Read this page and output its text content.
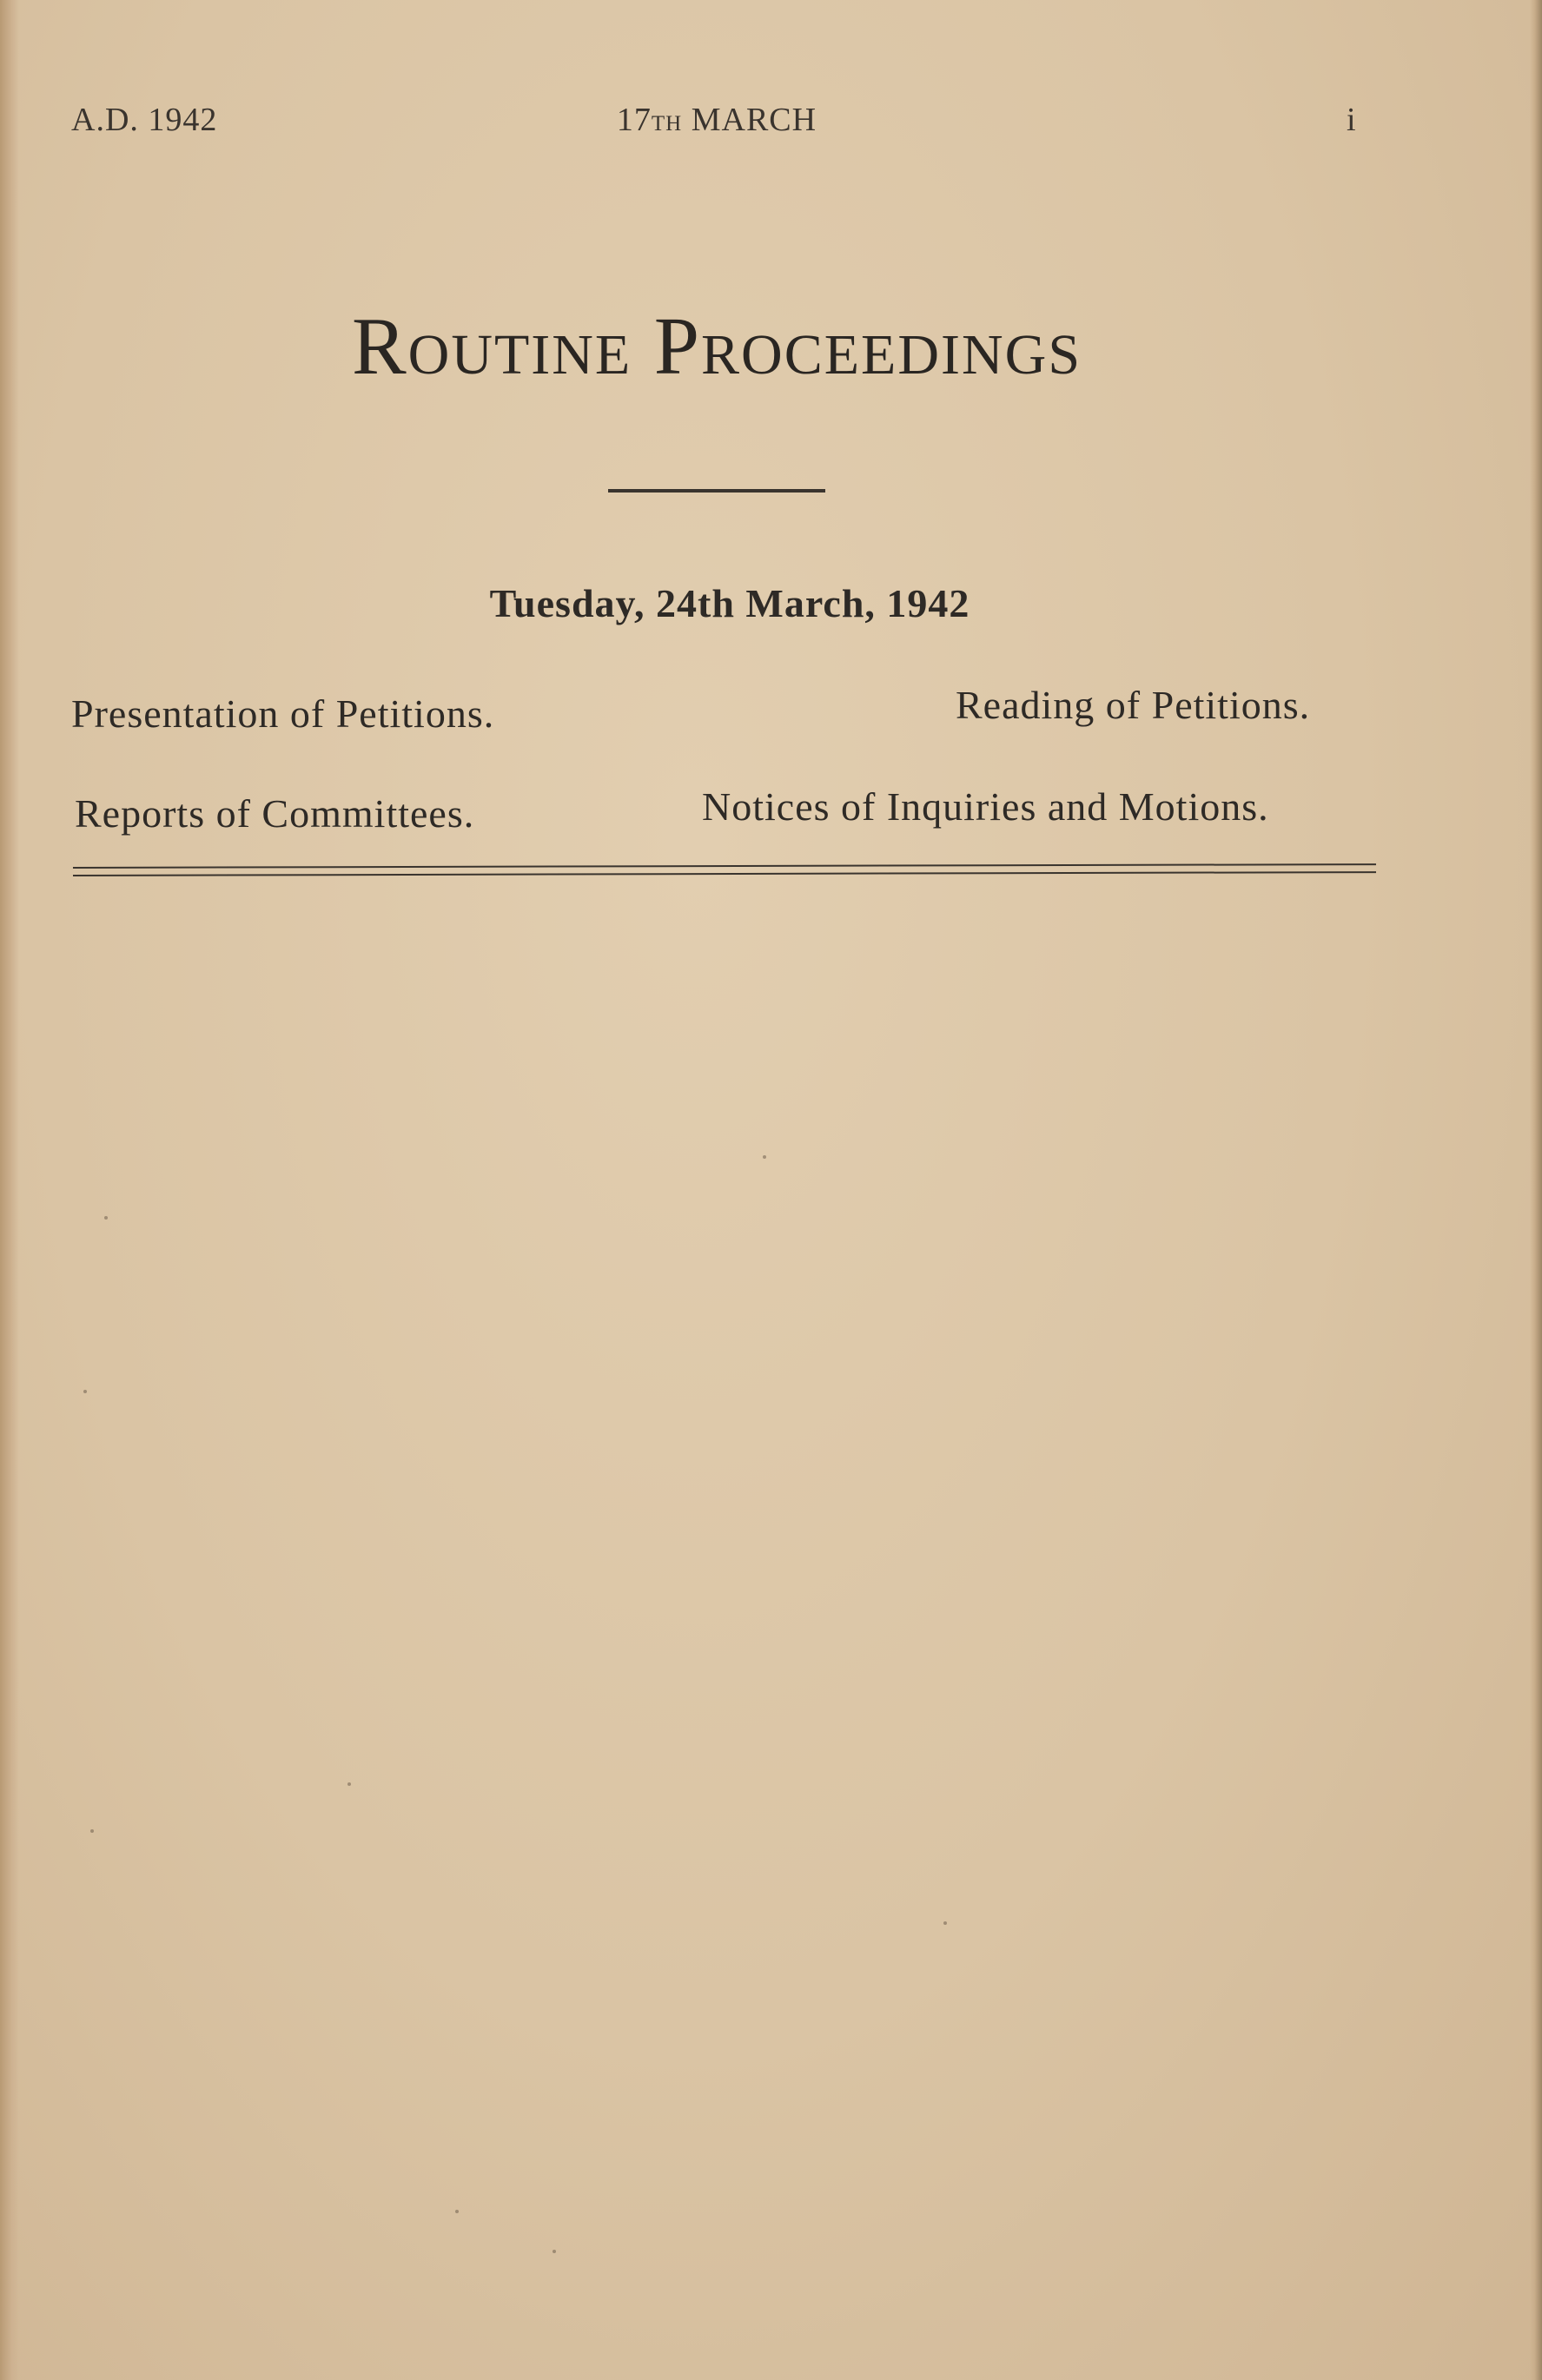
A.D. 1942	17th MARCH	i
Routine Proceedings
Tuesday, 24th March, 1942
Presentation of Petitions.	Reading of Petitions.
Reports of Committees.	Notices of Inquiries and Motions.
